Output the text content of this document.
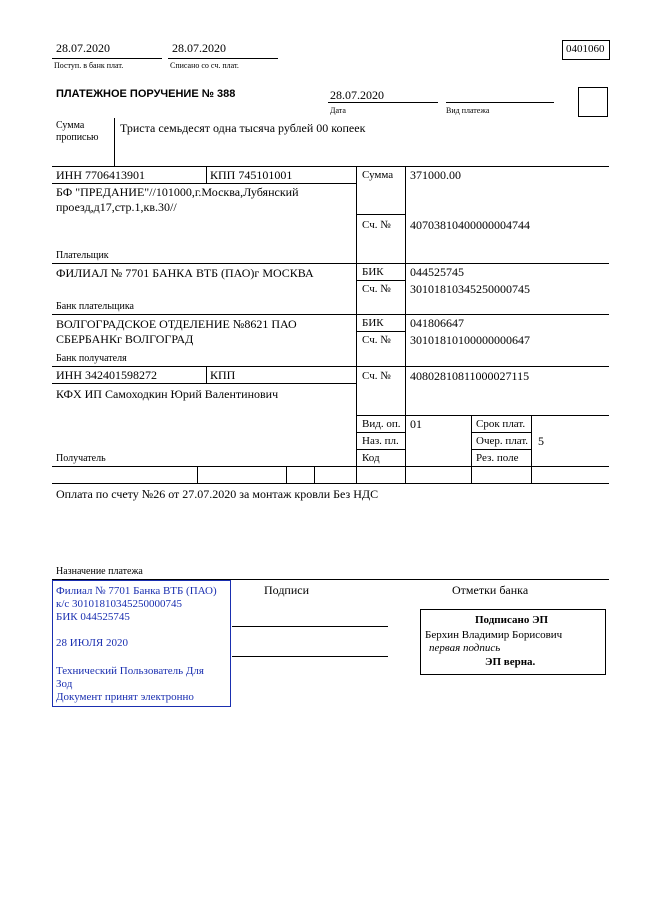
28.07.2020
Поступ. в банк плат.
28.07.2020
Списано со сч. плат.
0401060
ПЛАТЕЖНОЕ ПОРУЧЕНИЕ № 388	28.07.2020
Дата	Вид платежа
Сумма
прописью
Триста семьдесят одна тысяча рублей 00 копеек
ИНН 7706413901	КПП 745101001
БФ "ПРЕДАНИЕ"//101000,г.Москва,Лубянский
проезд,д17,стр.1,кв.30//
Плательщик
Сумма 371000.00
Сч. № 40703810400000004744
ФИЛИАЛ № 7701 БАНКА ВТБ (ПАО)г МОСКВА
Банк плательщика
БИК 044525745
Сч. № 30101810345250000745
ВОЛГОГРАДСКОЕ ОТДЕЛЕНИЕ №8621 ПАО
СБЕРБАНКг ВОЛГОГРАД
Банк получателя
БИК 041806647
Сч. № 30101810100000000647
ИНН 342401598272	КПП	Сч. № 40802810811000027115
КФХ ИП Самоходкин Юрий Валентинович
Получатель
Вид. оп. 01
Наз. пл.
Код
Срок плат.
Очер. плат. 5
Рез. поле
Оплата по счету №26 от 27.07.2020 за монтаж кровли Без НДС
Назначение платежа
Подписи	Отметки банка
Филиал № 7701 Банка ВТБ (ПАО)
к/с 30101810345250000745
БИК 044525745
28 ИЮЛЯ 2020
Технический Пользователь Для
Зод
Документ принят электронно
Подписано ЭП
Берхин Владимир Борисович
первая подпись
ЭП верна.
